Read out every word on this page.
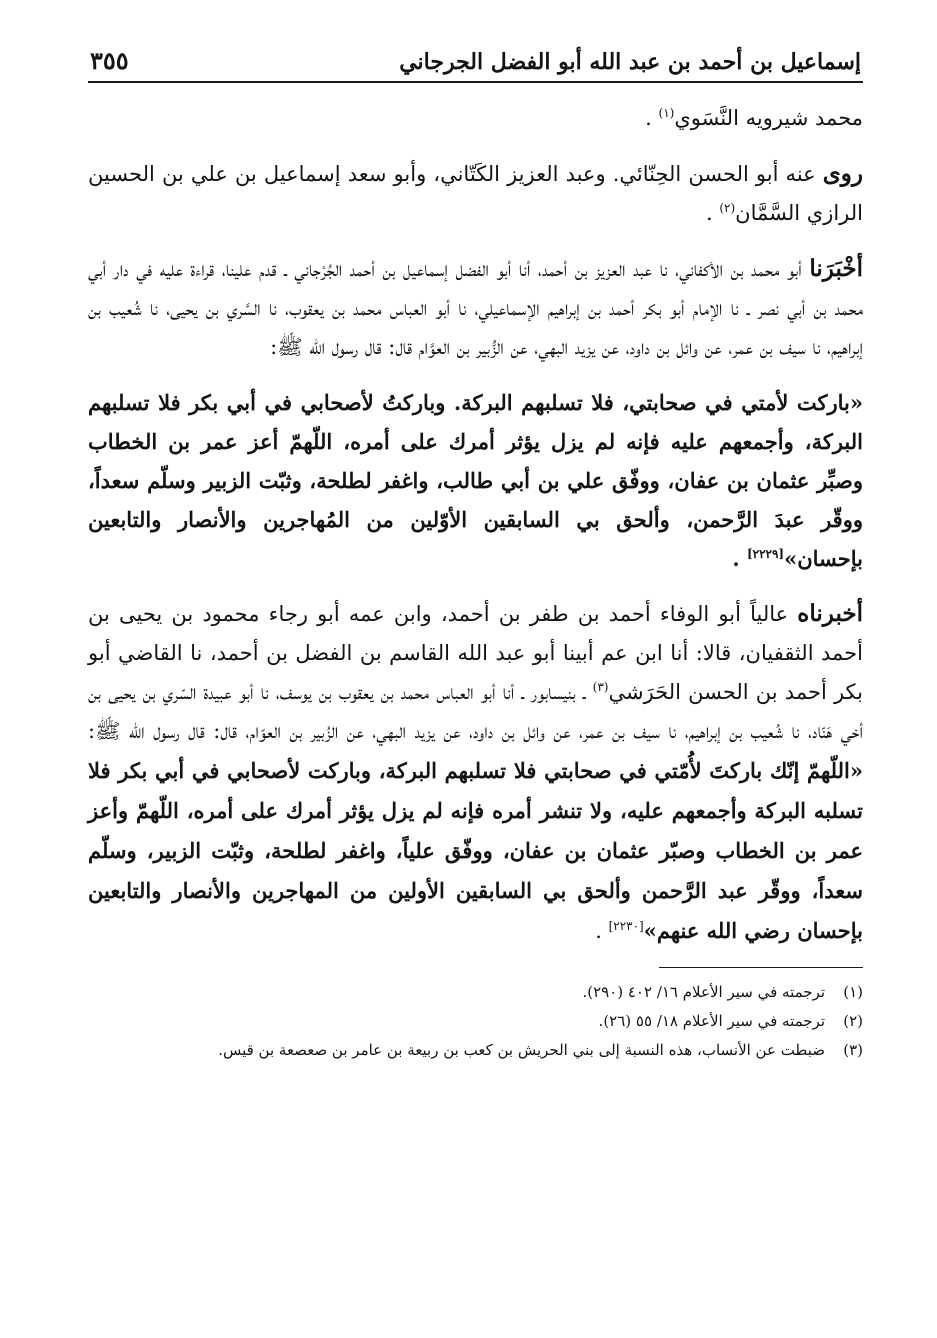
إسماعيل بن أحمد بن عبد الله أبو الفضل الجرجاني
٣٥٥

محمد شيرويه النَّسَوي$^{(١)}$ .

روى عنه أبو الحسن الحِنّائي. وعبد العزيز الكَتّاني، وأبو سعد إسماعيل بن علي بن الحسين الرازي السَّمَّان$^{(٢)}$ .

أخْبَرَنا أبو محمد بن الأكفاني، نا عبد العزيز بن أحمد، أنا أبو الفضل إسماعيل بن أحمد الجُرْجاني ـ قدم علينا، قراءة عليه في دار أبي محمد بن أبي نصر ـ نا الإمام أبو بكر أحمد بن إبراهيم الإسماعيلي، نا أبو العباس محمد بن يعقوب، نا السَّري بن يحيى، نا شُعيب بن إبراهيم، نا سيف بن عمر، عن وائل بن داود، عن يزيد البهي، عن الزُّبير بن العوَّام قال: قال رسول الله ﷺ:

«باركت لأمتي في صحابتي، فلا تسلبهم البركة. وباركتُ لأصحابي في أبي بكر فلا تسلبهم البركة، وأجمعهم عليه فإنه لم يزل يؤثر أمرك على أمره، اللّهمّ أعز عمر بن الخطاب وصبِّر عثمان بن عفان، ووفّق علي بن أبي طالب، واغفر لطلحة، وثبّت الزبير وسلّم سعداً، ووقّر عبدَ الرَّحمن، وألحق بي السابقين الأوّلين من المُهاجرين والأنصار والتابعين بإحسان»[٢٢٢٩] .

أخبرناه عالياً أبو الوفاء أحمد بن طفر بن أحمد، وابن عمه أبو رجاء محمود بن يحيى بن أحمد الثقفيان، قالا: أنا ابن عم أبينا أبو عبد الله القاسم بن الفضل بن أحمد، نا القاضي أبو بكر أحمد بن الحسن الحَرَشي$^{(٣)}$ ـ بنيسابور ـ أنا أبو العباس محمد بن يعقوب بن يوسف، نا أبو عبيدة السّري بن يحيى بن أخي هَنّاد، نا شُعيب بن إبراهيم، نا سيف بن عمر، عن وائل بن داود، عن يزيد البهي، عن الزُبير بن العوّام، قال: قال رسول الله ﷺ: «اللّهمّ إنّك باركتَ لأُمّتي في صحابتي فلا تسلبهم البركة، وباركت لأصحابي في أبي بكر فلا تسلبه البركة وأجمعهم عليه، ولا تنشر أمره فإنه لم يزل يؤثر أمرك على أمره، اللّهمّ وأعز عمر بن الخطاب وصبّر عثمان بن عفان، ووفّق علياً، واغفر لطلحة، وثبّت الزبير، وسلّم سعداً، ووقّر عبد الرَّحمن وألحق بي السابقين الأولين من المهاجرين والأنصار والتابعين بإحسان رضي الله عنهم»[٢٢٣٠] .

(١)ترجمته في سير الأعلام ١٦/ ٤٠٢ (٢٩٠).
(٢)ترجمته في سير الأعلام ١٨/ ٥٥ (٢٦).
(٣)ضبطت عن الأنساب، هذه النسبة إلى بني الحريش بن كعب بن ربيعة بن عامر بن صعصعة بن قيس.
